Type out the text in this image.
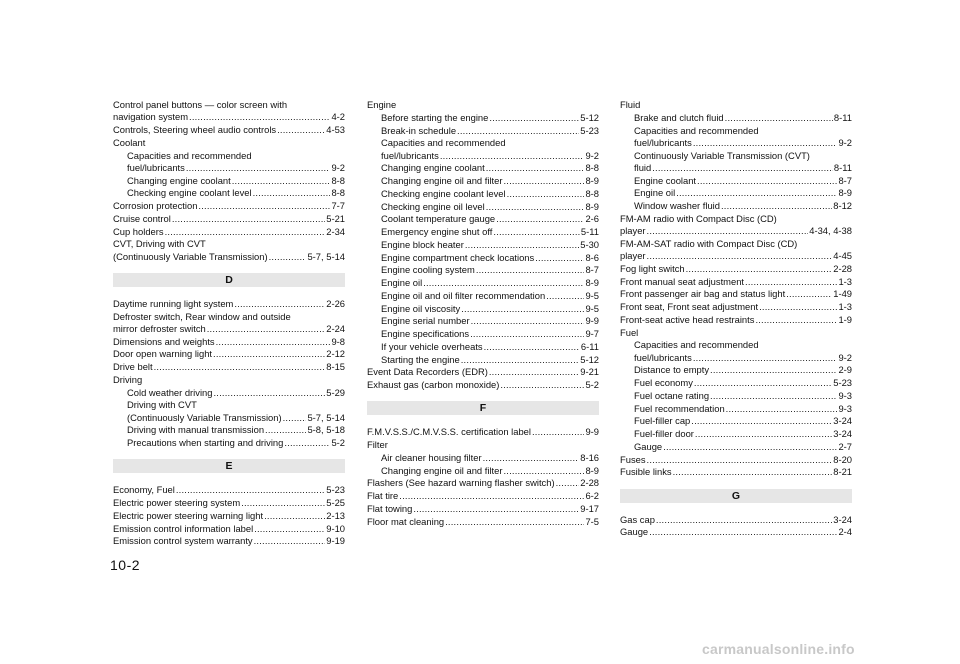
Control panel buttons — color screen with
navigation system . . .	4-2
Controls, Steering wheel audio controls . . .	4-53
Coolant
Capacities and recommended
fuel/lubricants . . .	9-2
Changing engine coolant . . .	8-8
Checking engine coolant level . . .	8-8
Corrosion protection . . .	7-7
Cruise control . . .	5-21
Cup holders . . .	2-34
CVT, Driving with CVT
(Continuously Variable Transmission) . . .	5-7, 5-14
D
Daytime running light system . . .	2-26
Defroster switch, Rear window and outside
mirror defroster switch . . .	2-24
Dimensions and weights . . .	9-8
Door open warning light . . .	2-12
Drive belt . . .	8-15
Driving
Cold weather driving . . .	5-29
Driving with CVT
(Continuously Variable Transmission) . . .	5-7, 5-14
Driving with manual transmission . . .	5-8, 5-18
Precautions when starting and driving . . .	5-2
E
Economy, Fuel . . .	5-23
Electric power steering system . . .	5-25
Electric power steering warning light . . .	2-13
Emission control information label . . .	9-10
Emission control system warranty . . .	9-19
Engine
Before starting the engine . . .	5-12
Break-in schedule . . .	5-23
Capacities and recommended
fuel/lubricants . . .	9-2
Changing engine coolant . . .	8-8
Changing engine oil and filter . . .	8-9
Checking engine coolant level . . .	8-8
Checking engine oil level . . .	8-9
Coolant temperature gauge . . .	2-6
Emergency engine shut off . . .	5-11
Engine block heater . . .	5-30
Engine compartment check locations . . .	8-6
Engine cooling system . . .	8-7
Engine oil . . .	8-9
Engine oil and oil filter recommendation . . .	9-5
Engine oil viscosity . . .	9-5
Engine serial number . . .	9-9
Engine specifications . . .	9-7
If your vehicle overheats . . .	6-11
Starting the engine . . .	5-12
Event Data Recorders (EDR) . . .	9-21
Exhaust gas (carbon monoxide) . . .	5-2
F
F.M.V.S.S./C.M.V.S.S. certification label . . .	9-9
Filter
Air cleaner housing filter . . .	8-16
Changing engine oil and filter . . .	8-9
Flashers (See hazard warning flasher switch) . . .	2-28
Flat tire . . .	6-2
Flat towing . . .	9-17
Floor mat cleaning . . .	7-5
Fluid
Brake and clutch fluid . . .	8-11
Capacities and recommended
fuel/lubricants . . .	9-2
Continuously Variable Transmission (CVT)
fluid . . .	8-11
Engine coolant . . .	8-7
Engine oil . . .	8-9
Window washer fluid . . .	8-12
FM-AM radio with Compact Disc (CD)
player . . .	4-34, 4-38
FM-AM-SAT radio with Compact Disc (CD)
player . . .	4-45
Fog light switch . . .	2-28
Front manual seat adjustment . . .	1-3
Front passenger air bag and status light . . .	1-49
Front seat, Front seat adjustment . . .	1-3
Front-seat active head restraints . . .	1-9
Fuel
Capacities and recommended
fuel/lubricants . . .	9-2
Distance to empty . . .	2-9
Fuel economy . . .	5-23
Fuel octane rating . . .	9-3
Fuel recommendation . . .	9-3
Fuel-filler cap . . .	3-24
Fuel-filler door . . .	3-24
Gauge . . .	2-7
Fuses . . .	8-20
Fusible links . . .	8-21
G
Gas cap . . .	3-24
Gauge . . .	2-4
10-2
carmanualsonline.info
